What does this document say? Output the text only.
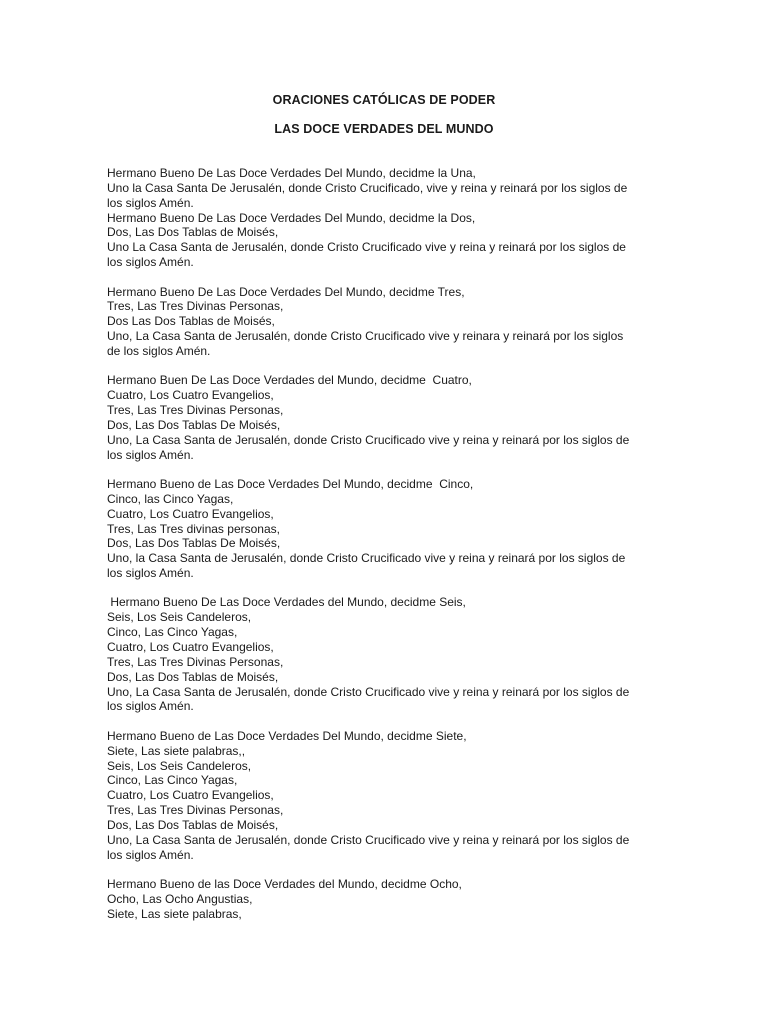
ORACIONES CATÓLICAS DE PODER
LAS DOCE VERDADES DEL MUNDO
Hermano Bueno De Las Doce Verdades Del Mundo, decidme la Una,
Uno la Casa Santa De Jerusalén, donde Cristo Crucificado, vive y reina y reinará por los siglos de
los siglos Amén.
Hermano Bueno De Las Doce Verdades Del Mundo, decidme la Dos,
Dos, Las Dos Tablas de Moisés,
Uno La Casa Santa de Jerusalén, donde Cristo Crucificado vive y reina y reinará por los siglos de
los siglos Amén.
Hermano Bueno De Las Doce Verdades Del Mundo, decidme Tres,
Tres, Las Tres Divinas Personas,
Dos Las Dos Tablas de Moisés,
Uno, La Casa Santa de Jerusalén, donde Cristo Crucificado vive y reinara y reinará por los siglos
de los siglos Amén.
Hermano Buen De Las Doce Verdades del Mundo, decidme  Cuatro,
Cuatro, Los Cuatro Evangelios,
Tres, Las Tres Divinas Personas,
Dos, Las Dos Tablas De Moisés,
Uno, La Casa Santa de Jerusalén, donde Cristo Crucificado vive y reina y reinará por los siglos de
los siglos Amén.
Hermano Bueno de Las Doce Verdades Del Mundo, decidme  Cinco,
Cinco, las Cinco Yagas,
Cuatro, Los Cuatro Evangelios,
Tres, Las Tres divinas personas,
Dos, Las Dos Tablas De Moisés,
Uno, la Casa Santa de Jerusalén, donde Cristo Crucificado vive y reina y reinará por los siglos de
los siglos Amén.
Hermano Bueno De Las Doce Verdades del Mundo, decidme Seis,
Seis, Los Seis Candeleros,
Cinco, Las Cinco Yagas,
Cuatro, Los Cuatro Evangelios,
Tres, Las Tres Divinas Personas,
Dos, Las Dos Tablas de Moisés,
Uno, La Casa Santa de Jerusalén, donde Cristo Crucificado vive y reina y reinará por los siglos de
los siglos Amén.
Hermano Bueno de Las Doce Verdades Del Mundo, decidme Siete,
Siete, Las siete palabras,,
Seis, Los Seis Candeleros,
Cinco, Las Cinco Yagas,
Cuatro, Los Cuatro Evangelios,
Tres, Las Tres Divinas Personas,
Dos, Las Dos Tablas de Moisés,
Uno, La Casa Santa de Jerusalén, donde Cristo Crucificado vive y reina y reinará por los siglos de
los siglos Amén.
Hermano Bueno de las Doce Verdades del Mundo, decidme Ocho,
Ocho, Las Ocho Angustias,
Siete, Las siete palabras,
